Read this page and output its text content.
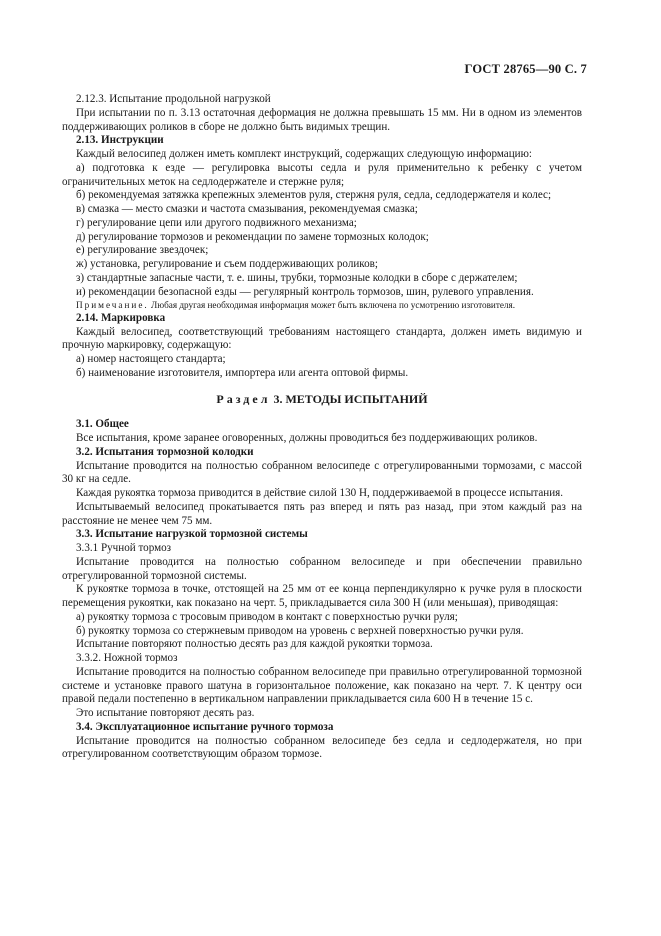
ГОСТ 28765—90 С. 7

2.12.3. Испытание продольной нагрузкой

При испытании по п. 3.13 остаточная деформация не должна превышать 15 мм. Ни в одном из элементов поддерживающих роликов в сборе не должно быть видимых трещин.

2.13. Инструкции

Каждый велосипед должен иметь комплект инструкций, содержащих следующую информацию:

а) подготовка к езде — регулировка высоты седла и руля применительно к ребенку с учетом ограничительных меток на седлодержателе и стержне руля;

б) рекомендуемая затяжка крепежных элементов руля, стержня руля, седла, седлодержателя и колес;

в) смазка — место смазки и частота смазывания, рекомендуемая смазка;

г) регулирование цепи или другого подвижного механизма;

д) регулирование тормозов и рекомендации по замене тормозных колодок;

е) регулирование звездочек;

ж) установка, регулирование и съем поддерживающих роликов;

з) стандартные запасные части, т. е. шины, трубки, тормозные колодки в сборе с держателем;

и) рекомендации безопасной езды — регулярный контроль тормозов, шин, рулевого управления.

Примечание. Любая другая необходимая информация может быть включена по усмотрению изготовителя.

2.14. Маркировка

Каждый велосипед, соответствующий требованиям настоящего стандарта, должен иметь видимую и прочную маркировку, содержащую:

а) номер настоящего стандарта;

б) наименование изготовителя, импортера или агента оптовой фирмы.

Раздел 3. МЕТОДЫ ИСПЫТАНИЙ

3.1. Общее

Все испытания, кроме заранее оговоренных, должны проводиться без поддерживающих роликов.

3.2. Испытания тормозной колодки

Испытание проводится на полностью собранном велосипеде с отрегулированными тормозами, с массой 30 кг на седле.

Каждая рукоятка тормоза приводится в действие силой 130 Н, поддерживаемой в процессе испытания.

Испытываемый велосипед прокатывается пять раз вперед и пять раз назад, при этом каждый раз на расстояние не менее чем 75 мм.

3.3. Испытание нагрузкой тормозной системы

3.3.1 Ручной тормоз

Испытание проводится на полностью собранном велосипеде и при обеспечении правильно отрегулированной тормозной системы.

К рукоятке тормоза в точке, отстоящей на 25 мм от ее конца перпендикулярно к ручке руля в плоскости перемещения рукоятки, как показано на черт. 5, прикладывается сила 300 Н (или меньшая), приводящая:

а) рукоятку тормоза с тросовым приводом в контакт с поверхностью ручки руля;

б) рукоятку тормоза со стержневым приводом на уровень с верхней поверхностью ручки руля.

Испытание повторяют полностью десять раз для каждой рукоятки тормоза.

3.3.2. Ножной тормоз

Испытание проводится на полностью собранном велосипеде при правильно отрегулированной тормозной системе и установке правого шатуна в горизонтальное положение, как показано на черт. 7. К центру оси правой педали постепенно в вертикальном направлении прикладывается сила 600 Н в течение 15 с.

Это испытание повторяют десять раз.

3.4. Эксплуатационное испытание ручного тормоза

Испытание проводится на полностью собранном велосипеде без седла и седлодержателя, но при отрегулированном соответствующим образом тормозе.
